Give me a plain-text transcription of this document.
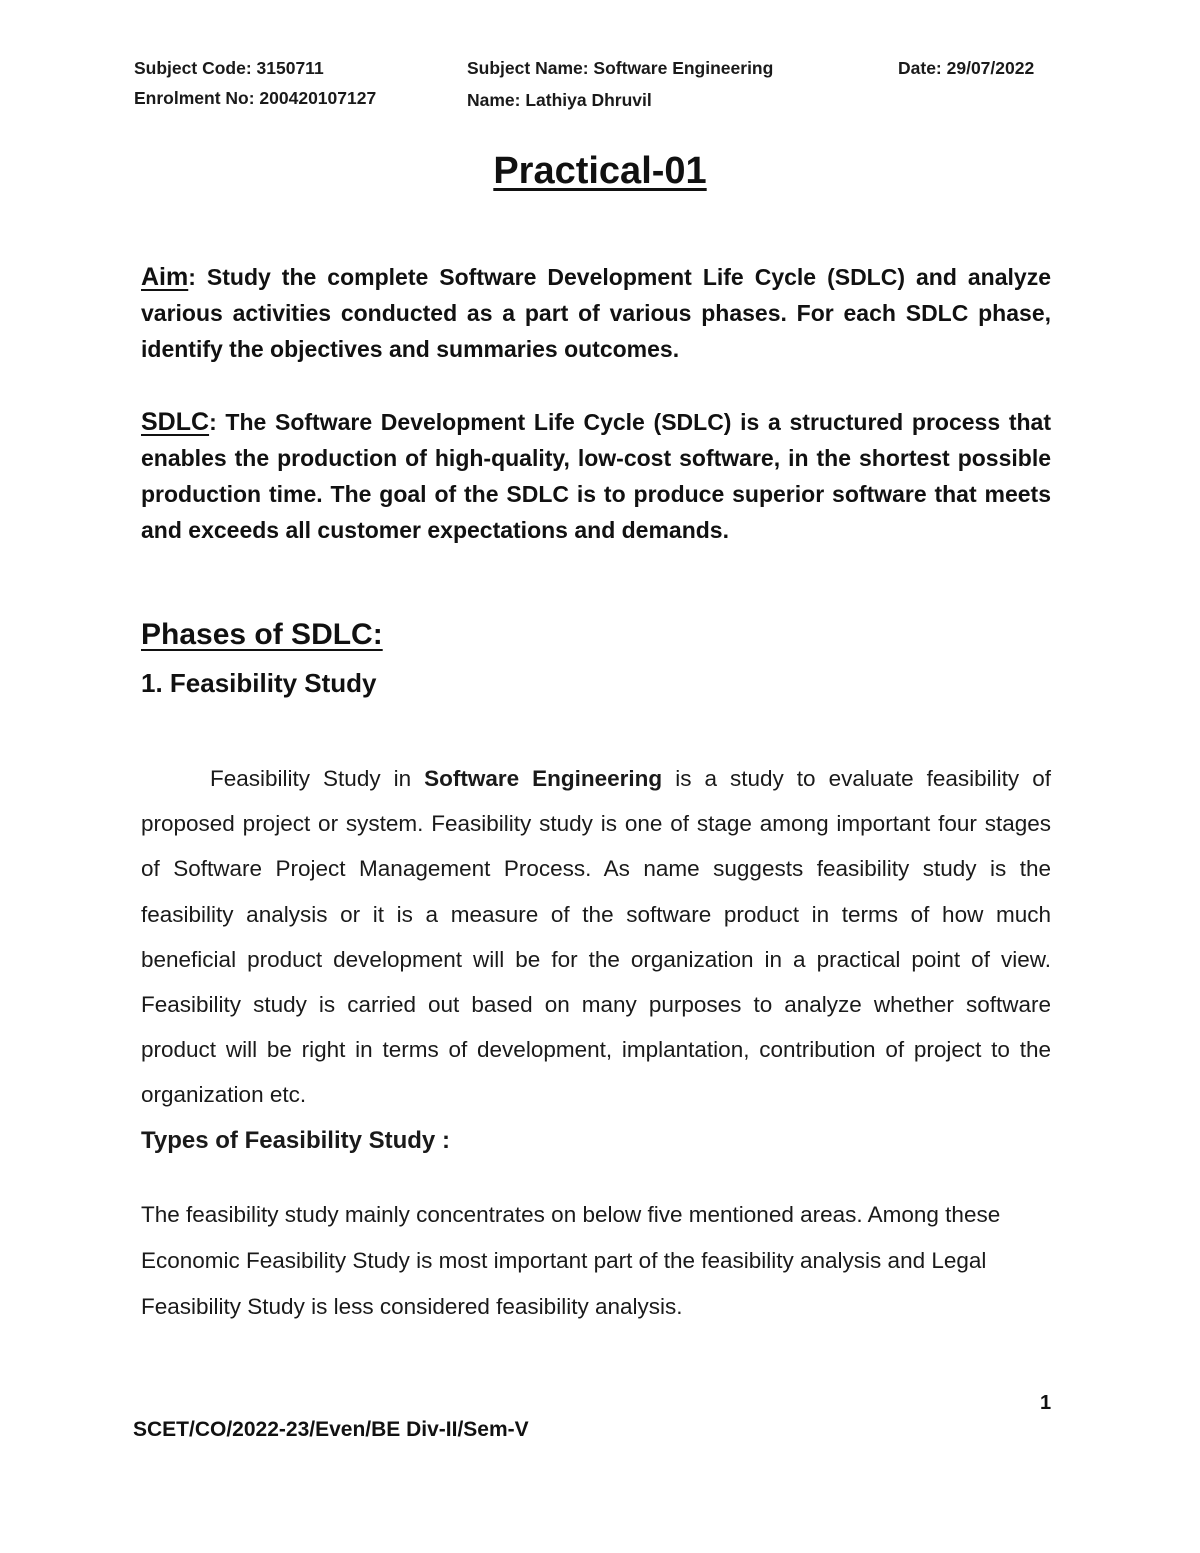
Subject Code: 3150711	Subject Name: Software Engineering	Date: 29/07/2022
Enrolment No: 200420107127	Name: Lathiya Dhruvil
Practical-01
Aim: Study the complete Software Development Life Cycle (SDLC) and analyze various activities conducted as a part of various phases. For each SDLC phase, identify the objectives and summaries outcomes.
SDLC: The Software Development Life Cycle (SDLC) is a structured process that enables the production of high-quality, low-cost software, in the shortest possible production time. The goal of the SDLC is to produce superior software that meets and exceeds all customer expectations and demands.
Phases of SDLC:
1. Feasibility Study
Feasibility Study in Software Engineering is a study to evaluate feasibility of proposed project or system. Feasibility study is one of stage among important four stages of Software Project Management Process. As name suggests feasibility study is the feasibility analysis or it is a measure of the software product in terms of how much beneficial product development will be for the organization in a practical point of view. Feasibility study is carried out based on many purposes to analyze whether software product will be right in terms of development, implantation, contribution of project to the organization etc.
Types of Feasibility Study :
The feasibility study mainly concentrates on below five mentioned areas. Among these Economic Feasibility Study is most important part of the feasibility analysis and Legal Feasibility Study is less considered feasibility analysis.
1
SCET/CO/2022-23/Even/BE Div-II/Sem-V
